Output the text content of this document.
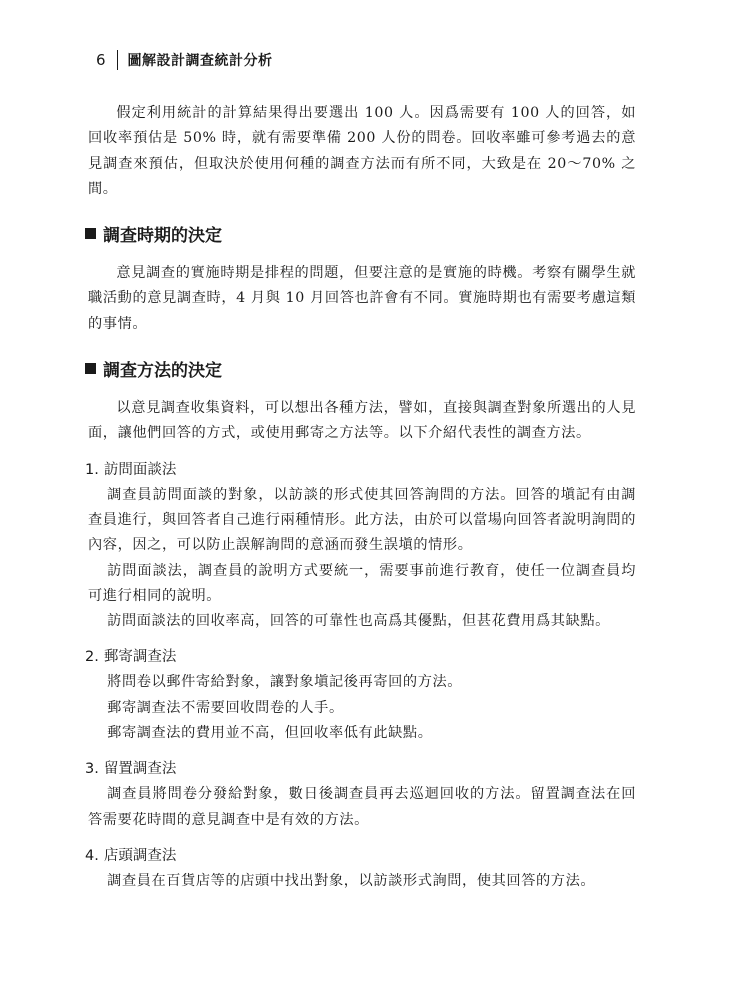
6 圖解設計調查統計分析

假定利用統計的計算結果得出要選出 100 人。因爲需要有 100 人的回答，如回收率預估是 50% 時，就有需要準備 200 人份的問卷。回收率雖可參考過去的意見調查來預估，但取決於使用何種的調查方法而有所不同，大致是在 20～70% 之間。

調查時期的決定

意見調查的實施時期是排程的問題，但要注意的是實施的時機。考察有關學生就職活動的意見調查時，4 月與 10 月回答也許會有不同。實施時期也有需要考慮這類的事情。

調查方法的決定

以意見調查收集資料，可以想出各種方法，譬如，直接與調查對象所選出的人見面，讓他們回答的方式，或使用郵寄之方法等。以下介紹代表性的調查方法。

1. 訪問面談法

調查員訪問面談的對象，以訪談的形式使其回答詢問的方法。回答的塡記有由調查員進行，與回答者自己進行兩種情形。此方法，由於可以當場向回答者說明詢問的內容，因之，可以防止誤解詢問的意涵而發生誤塡的情形。

訪問面談法，調查員的說明方式要統一，需要事前進行教育，使任一位調查員均可進行相同的說明。

訪問面談法的回收率高，回答的可靠性也高爲其優點，但甚花費用爲其缺點。

2. 郵寄調查法

將問卷以郵件寄給對象，讓對象塡記後再寄回的方法。

郵寄調查法不需要回收問卷的人手。

郵寄調查法的費用並不高，但回收率低有此缺點。

3. 留置調查法

調查員將問卷分發給對象，數日後調查員再去巡迴回收的方法。留置調查法在回答需要花時間的意見調查中是有效的方法。

4. 店頭調查法

調查員在百貨店等的店頭中找出對象，以訪談形式詢問，使其回答的方法。
